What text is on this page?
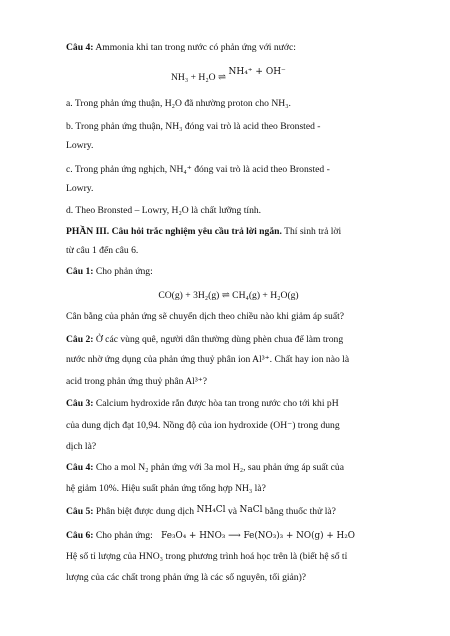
Câu 4: Ammonia khi tan trong nước có phản ứng với nước:
NH₃ + H₂O ⇌ NH₄⁺ + OH⁻
a. Trong phản ứng thuận, H₂O đã nhường proton cho NH₃.
b. Trong phản ứng thuận, NH₃ đóng vai trò là acid theo Bronsted -
Lowry.
c. Trong phản ứng nghịch, NH₄⁺ đóng vai trò là acid theo Bronsted -
Lowry.
d. Theo Bronsted – Lowry, H₂O là chất lưỡng tính.
PHẦN III. Câu hỏi trắc nghiệm yêu cầu trả lời ngắn. Thí sinh trả lời
từ câu 1 đến câu 6.
Câu 1: Cho phản ứng:
CO(g) + 3H₂(g) ⇌ CH₄(g) + H₂O(g)
Cân bằng của phản ứng sẽ chuyển dịch theo chiều nào khi giảm áp suất?
Câu 2: Ở các vùng quê, người dân thường dùng phèn chua để làm trong
nước nhờ ứng dụng của phản ứng thuỷ phân ion Al³⁺. Chất hay ion nào là
acid trong phản ứng thuỷ phân Al³⁺?
Câu 3: Calcium hydroxide rắn được hòa tan trong nước cho tới khi pH
của dung dịch đạt 10,94. Nồng độ của ion hydroxide (OH⁻) trong dung
dịch là?
Câu 4: Cho a mol N₂ phản ứng với 3a mol H₂, sau phản ứng áp suất của
hệ giảm 10%. Hiệu suất phản ứng tổng hợp NH₃ là?
Câu 5: Phân biệt được dung dịch NH₄Cl và NaCl bằng thuốc thử là?
Câu 6: Cho phản ứng: Fe₃O₄ + HNO₃ ⟶ Fe(NO₃)₃ + NO(g) + H₂O
Hệ số tỉ lượng của HNO₃ trong phương trình hoá học trên là (biết hệ số tỉ
lượng của các chất trong phản ứng là các số nguyên, tối giản)?
